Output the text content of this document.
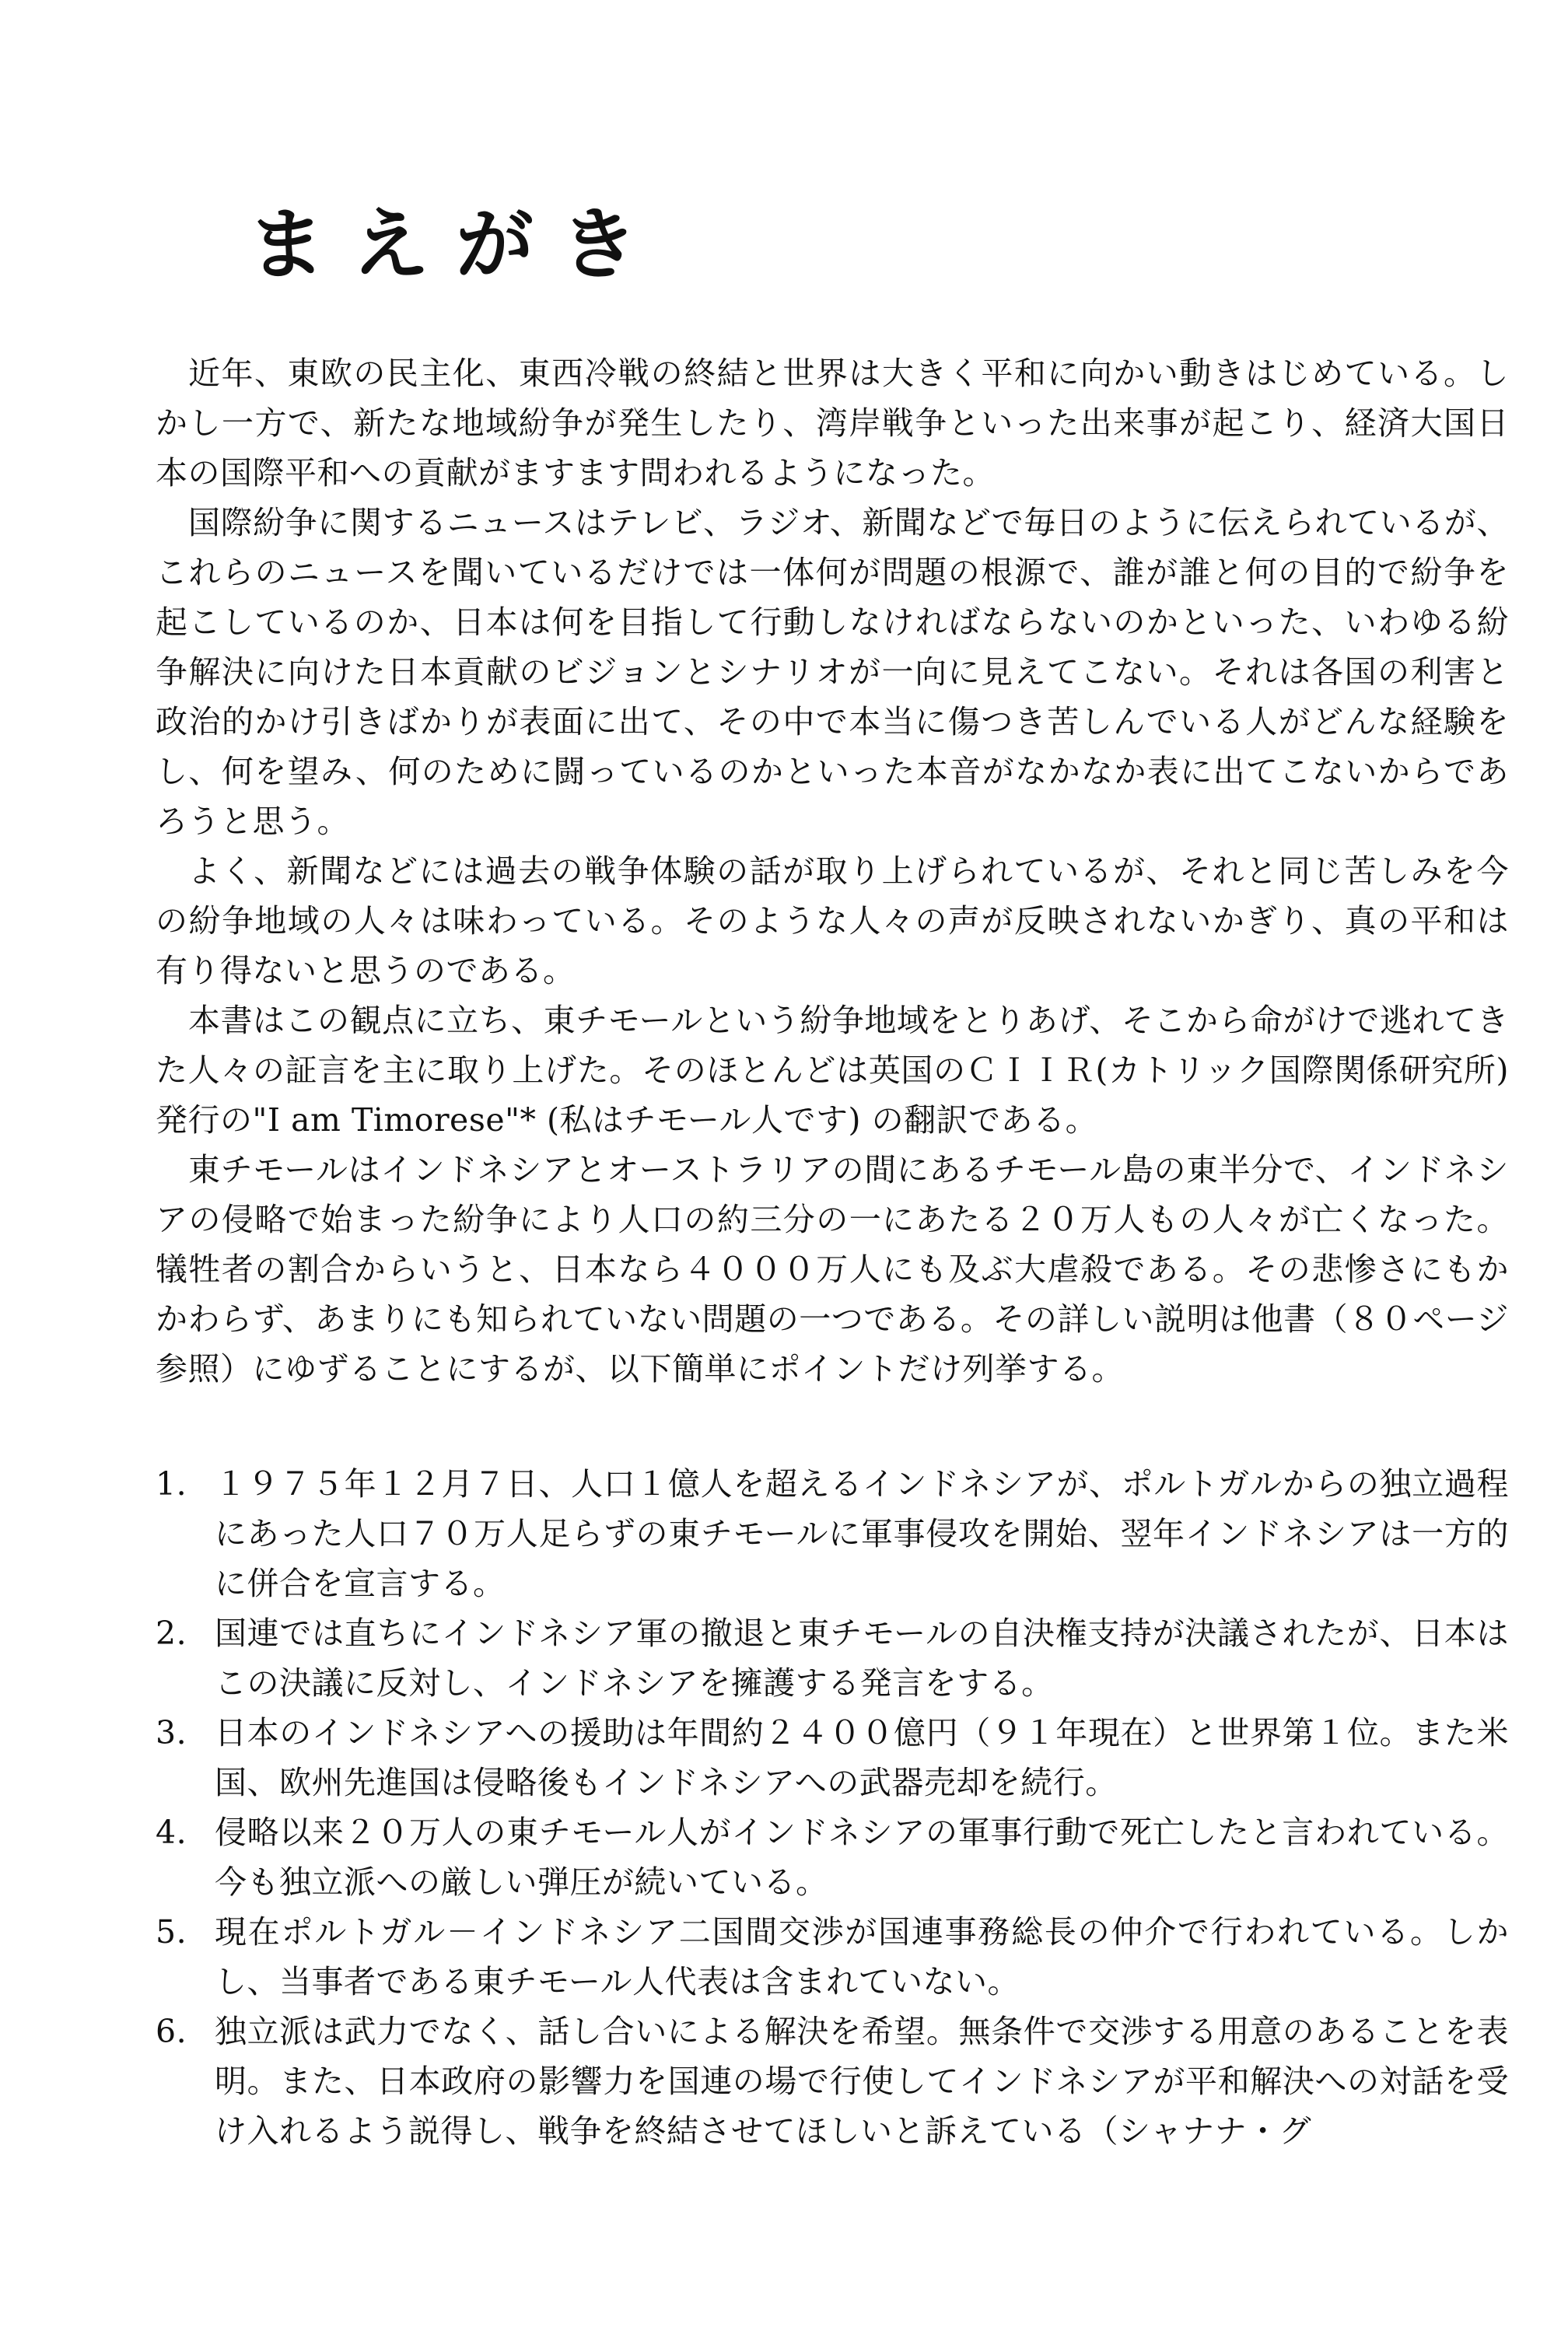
まえがき

近年、東欧の民主化、東西冷戦の終結と世界は大きく平和に向かい動きはじめている。しかし一方で、新たな地域紛争が発生したり、湾岸戦争といった出来事が起こり、経済大国日本の国際平和への貢献がますます問われるようになった。

国際紛争に関するニュースはテレビ、ラジオ、新聞などで毎日のように伝えられているが、これらのニュースを聞いているだけでは一体何が問題の根源で、誰が誰と何の目的で紛争を起こしているのか、日本は何を目指して行動しなければならないのかといった、いわゆる紛争解決に向けた日本貢献のビジョンとシナリオが一向に見えてこない。それは各国の利害と政治的かけ引きばかりが表面に出て、その中で本当に傷つき苦しんでいる人がどんな経験をし、何を望み、何のために闘っているのかといった本音がなかなか表に出てこないからであろうと思う。

よく、新聞などには過去の戦争体験の話が取り上げられているが、それと同じ苦しみを今の紛争地域の人々は味わっている。そのような人々の声が反映されないかぎり、真の平和は有り得ないと思うのである。

本書はこの観点に立ち、東チモールという紛争地域をとりあげ、そこから命がけで逃れてきた人々の証言を主に取り上げた。そのほとんどは英国のＣＩＩＲ(カトリック国際関係研究所)発行の"I am Timorese"* (私はチモール人です) の翻訳である。

東チモールはインドネシアとオーストラリアの間にあるチモール島の東半分で、インドネシアの侵略で始まった紛争により人口の約三分の一にあたる２０万人もの人々が亡くなった。犠牲者の割合からいうと、日本なら４０００万人にも及ぶ大虐殺である。その悲惨さにもかかわらず、あまりにも知られていない問題の一つである。その詳しい説明は他書（８０ページ参照）にゆずることにするが、以下簡単にポイントだけ列挙する。

1. １９７５年１２月７日、人口１億人を超えるインドネシアが、ポルトガルからの独立過程にあった人口７０万人足らずの東チモールに軍事侵攻を開始、翌年インドネシアは一方的に併合を宣言する。
2. 国連では直ちにインドネシア軍の撤退と東チモールの自決権支持が決議されたが、日本はこの決議に反対し、インドネシアを擁護する発言をする。
3. 日本のインドネシアへの援助は年間約２４００億円（９１年現在）と世界第１位。また米国、欧州先進国は侵略後もインドネシアへの武器売却を続行。
4. 侵略以来２０万人の東チモール人がインドネシアの軍事行動で死亡したと言われている。今も独立派への厳しい弾圧が続いている。
5. 現在ポルトガル－インドネシア二国間交渉が国連事務総長の仲介で行われている。しかし、当事者である東チモール人代表は含まれていない。
6. 独立派は武力でなく、話し合いによる解決を希望。無条件で交渉する用意のあることを表明。また、日本政府の影響力を国連の場で行使してインドネシアが平和解決への対話を受け入れるよう説得し、戦争を終結させてほしいと訴えている（シャナナ・グ
